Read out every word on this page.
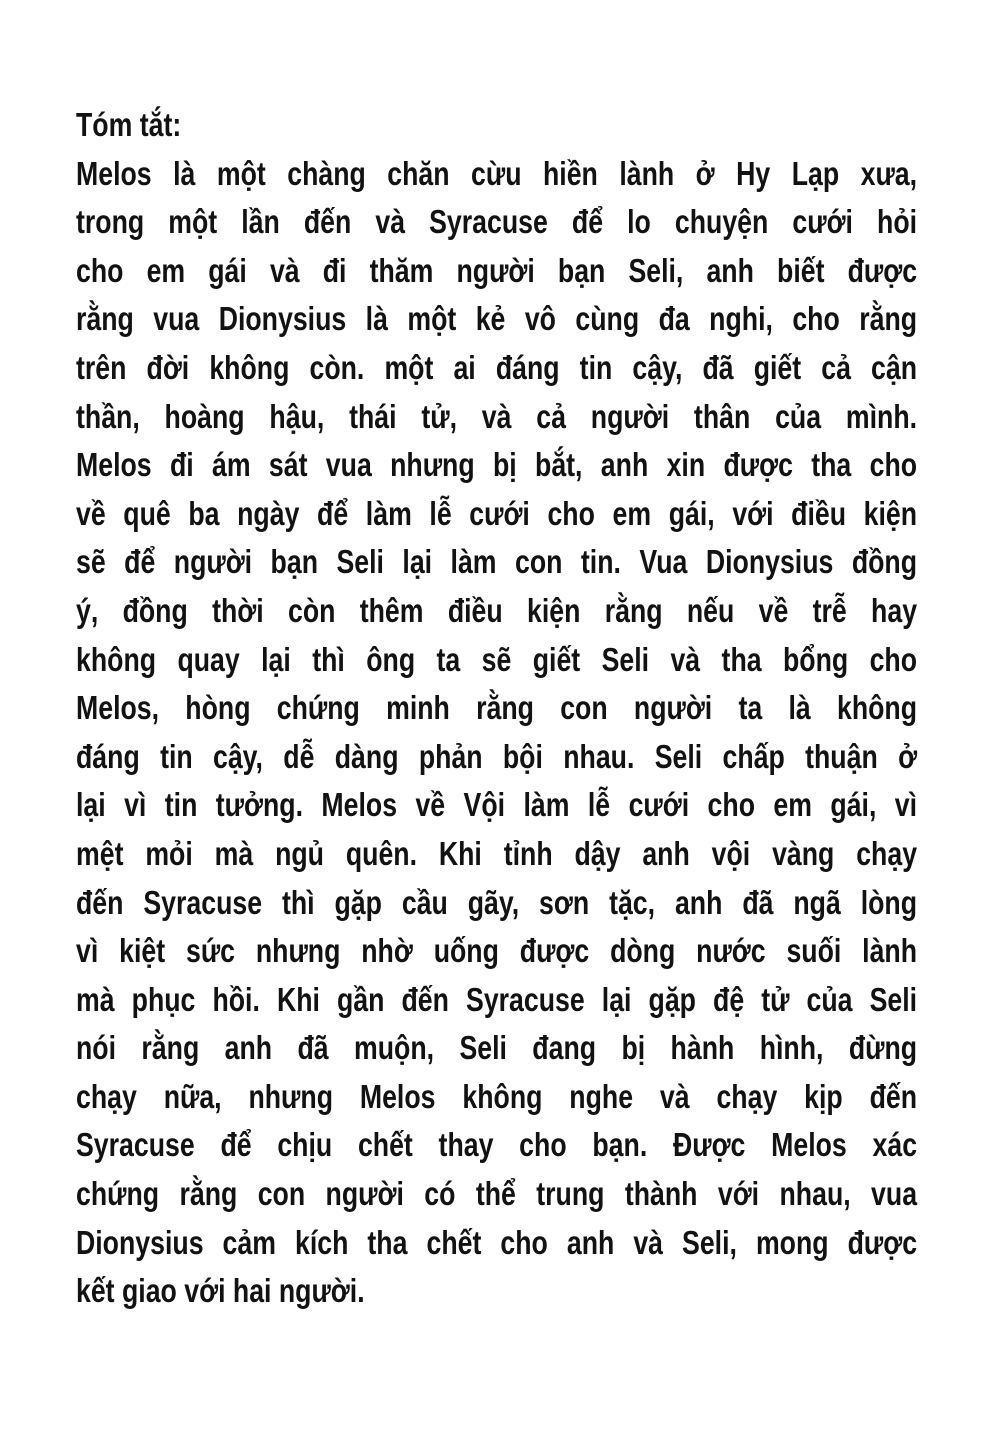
Tóm tắt:
Melos là một chàng chăn cừu hiền lành ở Hy Lạp xưa,
trong một lần đến và Syracuse để lo chuyện cưới hỏi
cho em gái và đi thăm người bạn Seli, anh biết được
rằng vua Dionysius là một kẻ vô cùng đa nghi, cho rằng
trên đời không còn. một ai đáng tin cậy, đã giết cả cận
thần, hoàng hậu, thái tử, và cả người thân của mình.
Melos đi ám sát vua nhưng bị bắt, anh xin được tha cho
về quê ba ngày để làm lễ cưới cho em gái, với điều kiện
sẽ để người bạn Seli lại làm con tin. Vua Dionysius đồng
ý, đồng thời còn thêm điều kiện rằng nếu về trễ hay
không quay lại thì ông ta sẽ giết Seli và tha bổng cho
Melos, hòng chứng minh rằng con người ta là không
đáng tin cậy, dễ dàng phản bội nhau. Seli chấp thuận ở
lại vì tin tưởng. Melos về Vội làm lễ cưới cho em gái, vì
mệt mỏi mà ngủ quên. Khi tỉnh dậy anh vội vàng chạy
đến Syracuse thì gặp cầu gãy, sơn tặc, anh đã ngã lòng
vì kiệt sức nhưng nhờ uống được dòng nước suối lành
mà phục hồi. Khi gần đến Syracuse lại gặp đệ tử của Seli
nói rằng anh đã muộn, Seli đang bị hành hình, đừng
chạy nữa, nhưng Melos không nghe và chạy kịp đến
Syracuse để chịu chết thay cho bạn. Được Melos xác
chứng rằng con người có thể trung thành với nhau, vua
Dionysius cảm kích tha chết cho anh và Seli, mong được
kết giao với hai người.
